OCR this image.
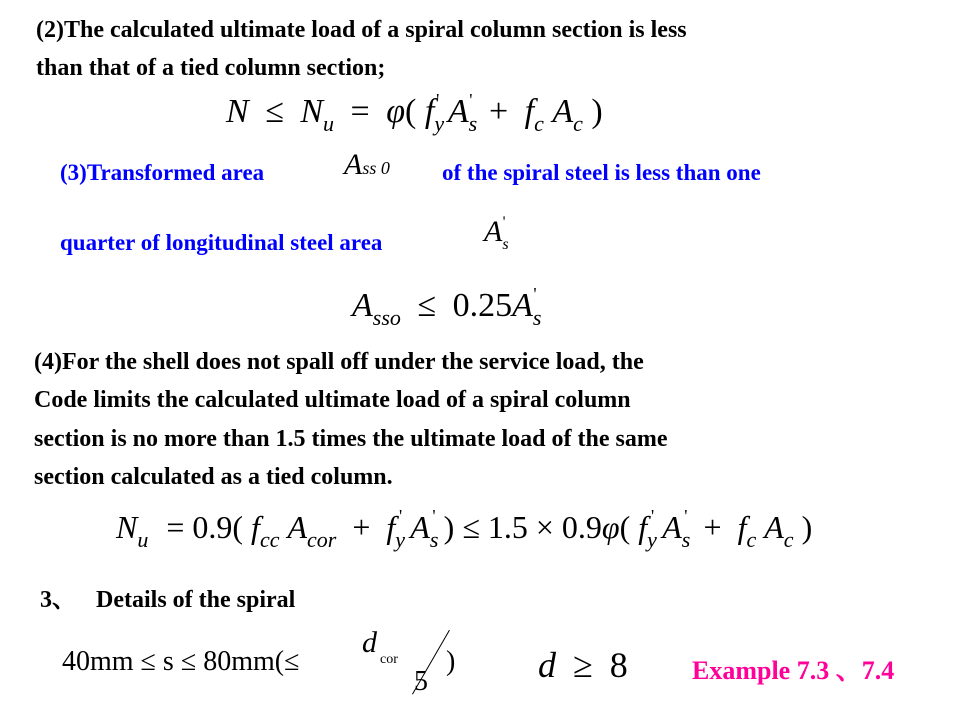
(2)The calculated ultimate load of a spiral column section is less
than that of a tied column section;
$N \le N_u = \varphi$( $f_y'$ $A_s' + f_c$ $A_c$ )
(3)Transformed area	Ass 0 of the spiral steel is less than one
quarter of longitudinal steel area	$A_s'$
$A_{sso} \le 0.25A_s'$
(4)For the shell does not spall off under the service load, the
Code limits the calculated ultimate load of a spiral column
section is no more than 1.5 times the ultimate load of the same
section calculated as a tied column.
$N_u = 0.9$( $f_{cc}$ $A_{cor} + f_y'$ $A_s'$ ) ≤ 1.5 × 0.9φ( $f_y'$ $A_s' + f_c$ $A_c$ )
3、 Details of the spiral
40mm ≤ s ≤ 80mm(≤
d
cor
5
) d ≥ 8 Example 7.3 、7.4
